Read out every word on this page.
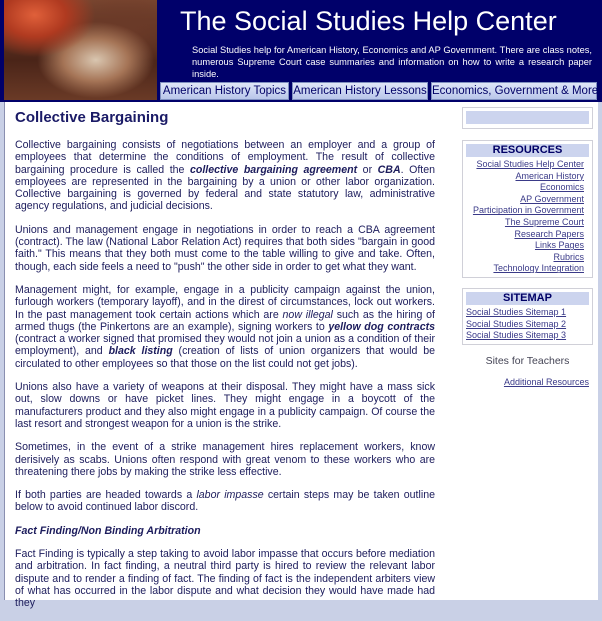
The Social Studies Help Center
Social Studies help for American History, Economics and AP Government. There are class notes, numerous Supreme Court case summaries and information on how to write a research paper inside.
American History Topics American History Lessons Economics, Government & More
Collective Bargaining

Collective bargaining consists of negotiations between an employer and a group of employees that determine the conditions of employment. The result of collective bargaining procedure is called the collective bargaining agreement or CBA. Often employees are represented in the bargaining by a union or other labor organization. Collective bargaining is governed by federal and state statutory law, administrative agency regulations, and judicial decisions.

Unions and management engage in negotiations in order to reach a CBA agreement (contract). The law (National Labor Relation Act) requires that both sides "bargain in good faith." This means that they both must come to the table willing to give and take. Often, though, each side feels a need to "push" the other side in order to get what they want.

Management might, for example, engage in a publicity campaign against the union, furlough workers (temporary layoff), and in the direst of circumstances, lock out workers. In the past management took certain actions which are now illegal such as the hiring of armed thugs (the Pinkertons are an example), signing workers to yellow dog contracts (contract a worker signed that promised they would not join a union as a condition of their employment), and black listing (creation of lists of union organizers that would be circulated to other employees so that those on the list could not get jobs).

Unions also have a variety of weapons at their disposal. They might have a mass sick out, slow downs or have picket lines. They might engage in a boycott of the manufacturers product and they also might engage in a publicity campaign. Of course the last resort and strongest weapon for a union is the strike.

Sometimes, in the event of a strike management hires replacement workers, know derisively as scabs. Unions often respond with great venom to these workers who are threatening there jobs by making the strike less effective.

If both parties are headed towards a labor impasse certain steps may be taken outline below to avoid continued labor discord.

Fact Finding/Non Binding Arbitration

Fact Finding is typically a step taking to avoid labor impasse that occurs before mediation and arbitration. In fact finding, a neutral third party is hired to review the relevant labor dispute and to render a finding of fact. The finding of fact is the independent arbiters view of what has occurred in the labor dispute and what decision they would have made had they

RESOURCES
Social Studies Help Center
American History
Economics
AP Government
Participation in Government
The Supreme Court
Research Papers
Links Pages
Rubrics
Technology Integration
SITEMAP
Social Studies Sitemap 1
Social Studies Sitemap 2
Social Studies Sitemap 3
Sites for Teachers
Additional Resources
